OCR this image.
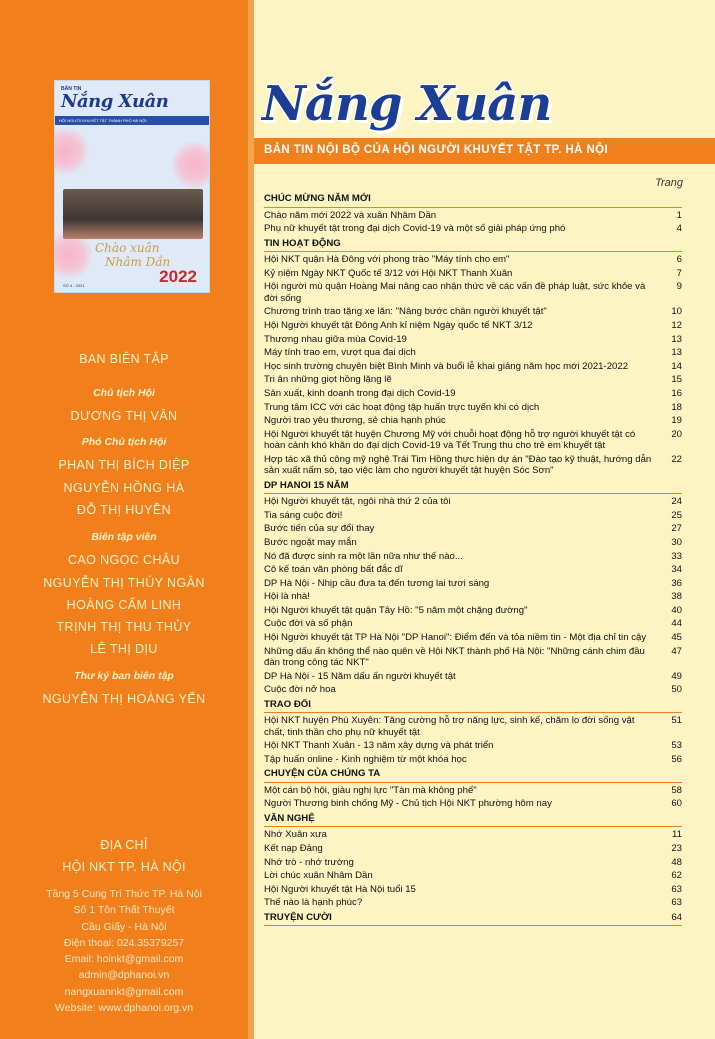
BẢN TIN
Nắng Xuân
HỘI NGƯỜI KHUYẾT TẬT THÀNH PHỐ HÀ NỘI
Chào xuân
Nhâm Dần
2022
SỐ 4 - 2021
BAN BIÊN TẬP
Chủ tịch Hội
DƯƠNG THỊ VÂN
Phó Chủ tịch Hội
PHAN THỊ BÍCH DIỆP
NGUYỄN HỒNG HÀ
ĐỖ THỊ HUYỀN
Biên tập viên
CAO NGỌC CHÂU
NGUYỄN THỊ THÚY NGÂN
HOÀNG CẨM LINH
TRỊNH THỊ THU THỦY
LÊ THỊ DỊU
Thư ký ban biên tập
NGUYỄN THỊ HOÀNG YẾN
ĐỊA CHỈ
HỘI NKT TP. HÀ NỘI
Tầng 5 Cung Trí Thức TP. Hà Nội
Số 1 Tôn Thất Thuyết
Cầu Giấy - Hà Nội
Điện thoại: 024.35379257
Email: hoinkt@gmail.com
admin@dphanoi.vn
nangxuannkt@gmail.com
Website: www.dphanoi.org.vn
Nắng Xuân
BẢN TIN NỘI BỘ CỦA HỘI NGƯỜI KHUYẾT TẬT TP. HÀ NỘI
Trang
CHÚC MỪNG NĂM MỚI
Chào năm mới 2022 và xuân Nhâm Dần	1
Phụ nữ khuyết tật trong đại dịch Covid-19 và một số giải pháp ứng phó	4
TIN HOẠT ĐỘNG
Hội NKT quận Hà Đông với phong trào "Máy tính cho em"	6
Kỷ niệm Ngày NKT Quốc tế 3/12 với Hội NKT Thanh Xuân	7
Hội người mù quận Hoàng Mai nâng cao nhận thức về các vấn đề pháp luật, sức khỏe và đời sống
9
Chương trình trao tặng xe lăn: "Nâng bước chân người khuyết tật"	10
Hội Người khuyết tật Đông Anh kỉ niệm Ngày quốc tế NKT 3/12	12
Thương nhau giữa mùa Covid-19	13
Máy tính trao em, vượt qua đại dịch	13
Học sinh trường chuyên biệt Bình Minh và buổi lễ khai giảng năm học mới 2021-2022	14
Tri ân những giọt hồng lặng lẽ	15
Sản xuất, kinh doanh trong đại dịch Covid-19	16
Trung tâm ICC với các hoạt động tập huấn trực tuyến khi có dịch	18
Người trao yêu thương, sẻ chia hạnh phúc	19
Hội Người khuyết tật huyện Chương Mỹ với chuỗi hoạt động hỗ trợ người khuyết tật có hoàn cảnh khó khăn do đại dịch Covid-19 và Tết Trung thu cho trẻ em khuyết tật
20
Hợp tác xã thủ công mỹ nghệ Trái Tim Hồng thực hiện dự án "Đào tạo kỹ thuật, hướng dẫn sản xuất nấm sò, tạo việc làm cho người khuyết tật huyện Sóc Sơn"
22
DP HANOI 15 NĂM
Hội Người khuyết tật, ngôi nhà thứ 2 của tôi	24
Tia sáng cuộc đời!	25
Bước tiến của sự đổi thay	27
Bước ngoặt may mắn	30
Nó đã được sinh ra một lần nữa như thế nào...	33
Cô kế toán văn phòng bất đắc dĩ	34
DP Hà Nội - Nhịp cầu đưa ta đến tương lai tươi sáng	36
Hội là nhà!	38
Hội Người khuyết tật quận Tây Hồ: "5 năm một chặng đường"	40
Cuộc đời và số phận	44
Hội Người khuyết tật TP Hà Nội "DP Hanoi": Điểm đến và tỏa niềm tin - Một địa chỉ tin cậy	45
Những dấu ấn không thể nào quên về Hội NKT thành phố Hà Nội: "Những cánh chim đầu đàn trong công tác NKT"
47
DP Hà Nội - 15 Năm dấu ấn người khuyết tật	49
Cuộc đời nở hoa	50
TRAO ĐỔI
Hội NKT huyện Phú Xuyên: Tăng cường hỗ trợ năng lực, sinh kế, chăm lo đời sống vật chất, tinh thần cho phụ nữ khuyết tật
51
Hội NKT Thanh Xuân - 13 năm xây dựng và phát triển	53
Tập huấn online - Kinh nghiệm từ một khóa học	56
CHUYỆN CỦA CHÚNG TA
Một cán bộ hội, giàu nghị lực "Tàn mà không phế"	58
Người Thương binh chống Mỹ - Chủ tịch Hội NKT phường hôm nay	60
VĂN NGHỆ
Nhớ Xuân xưa	11
Kết nạp Đảng	23
Nhớ trò - nhớ trường	48
Lời chúc xuân Nhâm Dần	62
Hội Người khuyết tật Hà Nội tuổi 15	63
Thế nào là hạnh phúc?	63
TRUYỆN CƯỜI	64
